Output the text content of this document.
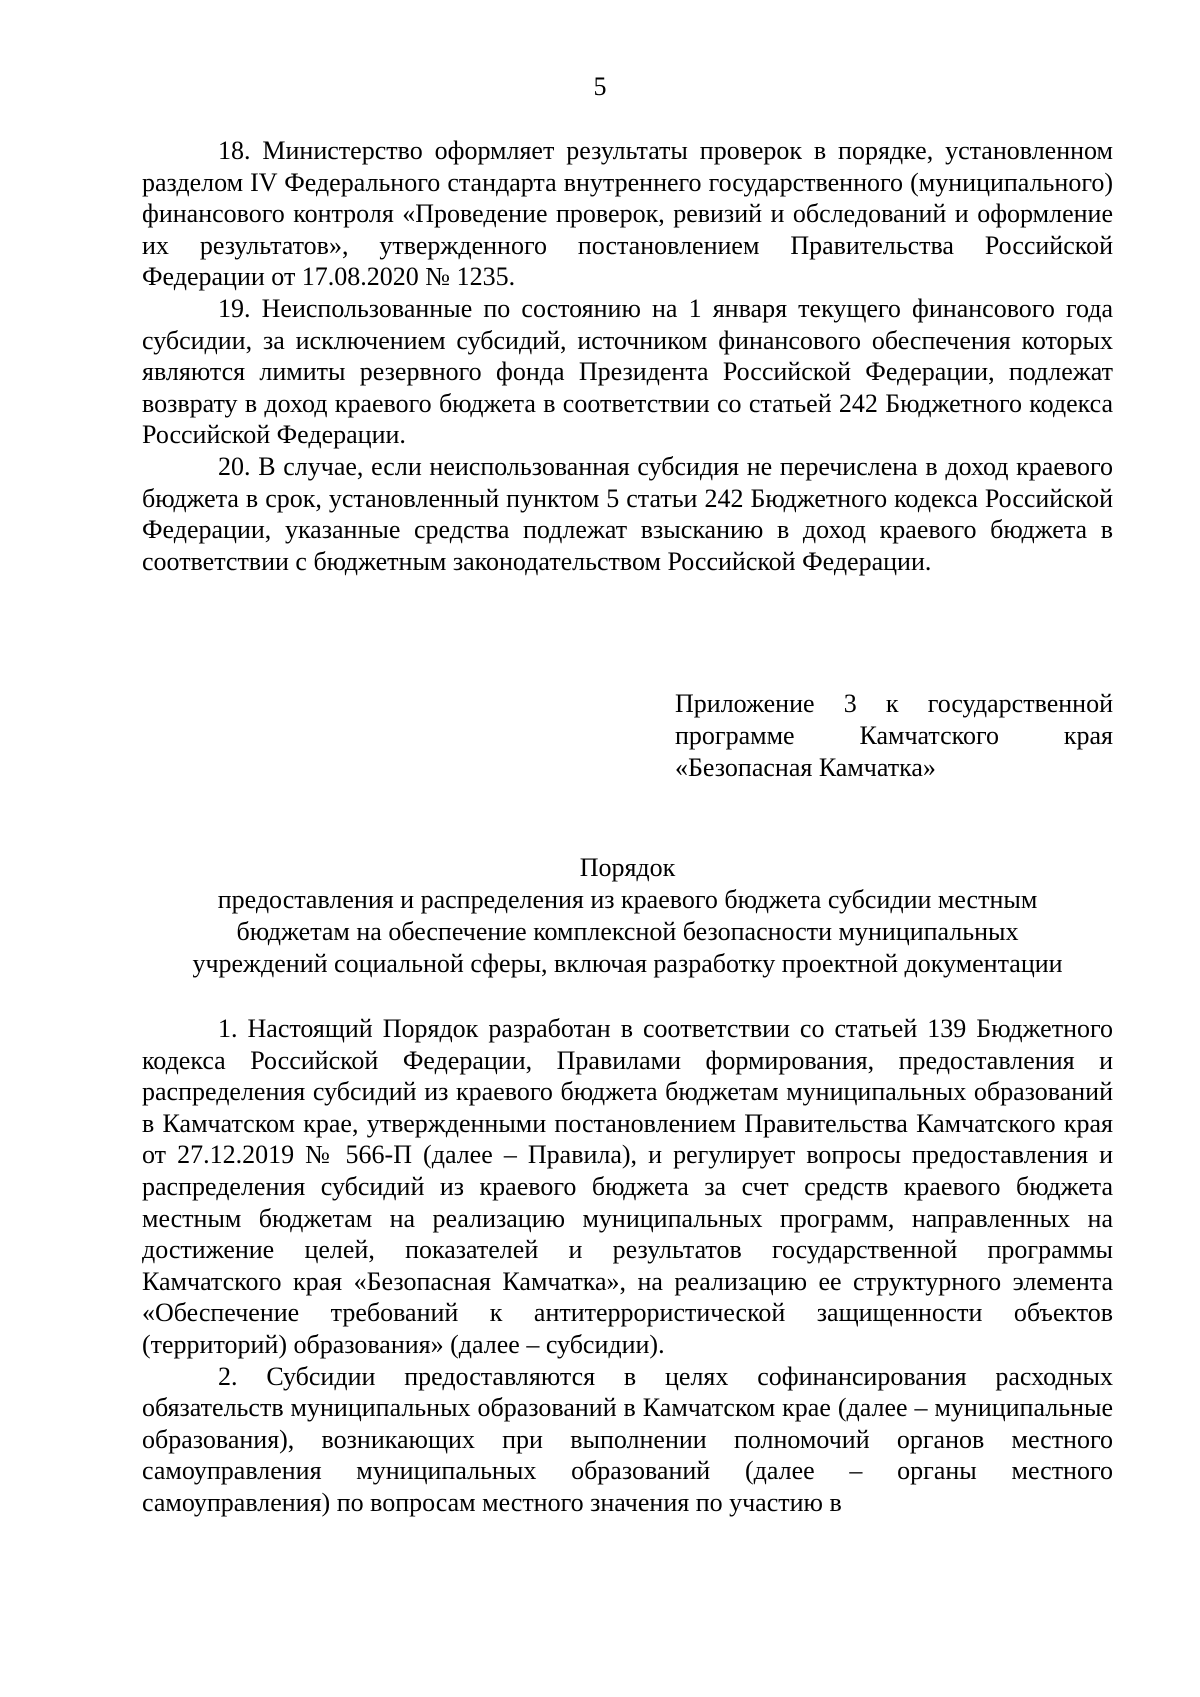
5

18. Министерство оформляет результаты проверок в порядке, установленном разделом IV Федерального стандарта внутреннего государственного (муниципального) финансового контроля «Проведение проверок, ревизий и обследований и оформление их результатов», утвержденного постановлением Правительства Российской Федерации от 17.08.2020 № 1235.

19. Неиспользованные по состоянию на 1 января текущего финансового года субсидии, за исключением субсидий, источником финансового обеспечения которых являются лимиты резервного фонда Президента Российской Федерации, подлежат возврату в доход краевого бюджета в соответствии со статьей 242 Бюджетного кодекса Российской Федерации.

20. В случае, если неиспользованная субсидия не перечислена в доход краевого бюджета в срок, установленный пунктом 5 статьи 242 Бюджетного кодекса Российской Федерации, указанные средства подлежат взысканию в доход краевого бюджета в соответствии с бюджетным законодательством Российской Федерации.

Приложение 3 к государственной программе Камчатского края «Безопасная Камчатка»
Порядок
предоставления и распределения из краевого бюджета субсидии местным
бюджетам на обеспечение комплексной безопасности муниципальных
учреждений социальной сферы, включая разработку проектной документации

1. Настоящий Порядок разработан в соответствии со статьей 139 Бюджетного кодекса Российской Федерации, Правилами формирования, предоставления и распределения субсидий из краевого бюджета бюджетам муниципальных образований в Камчатском крае, утвержденными постановлением Правительства Камчатского края от 27.12.2019 № 566-П (далее – Правила), и регулирует вопросы предоставления и распределения субсидий из краевого бюджета за счет средств краевого бюджета местным бюджетам на реализацию муниципальных программ, направленных на достижение целей, показателей и результатов государственной программы Камчатского края «Безопасная Камчатка», на реализацию ее структурного элемента «Обеспечение требований к антитеррористической защищенности объектов (территорий) образования» (далее – субсидии).

2. Субсидии предоставляются в целях софинансирования расходных обязательств муниципальных образований в Камчатском крае (далее – муниципальные образования), возникающих при выполнении полномочий органов местного самоуправления муниципальных образований (далее – органы местного самоуправления) по вопросам местного значения по участию в
